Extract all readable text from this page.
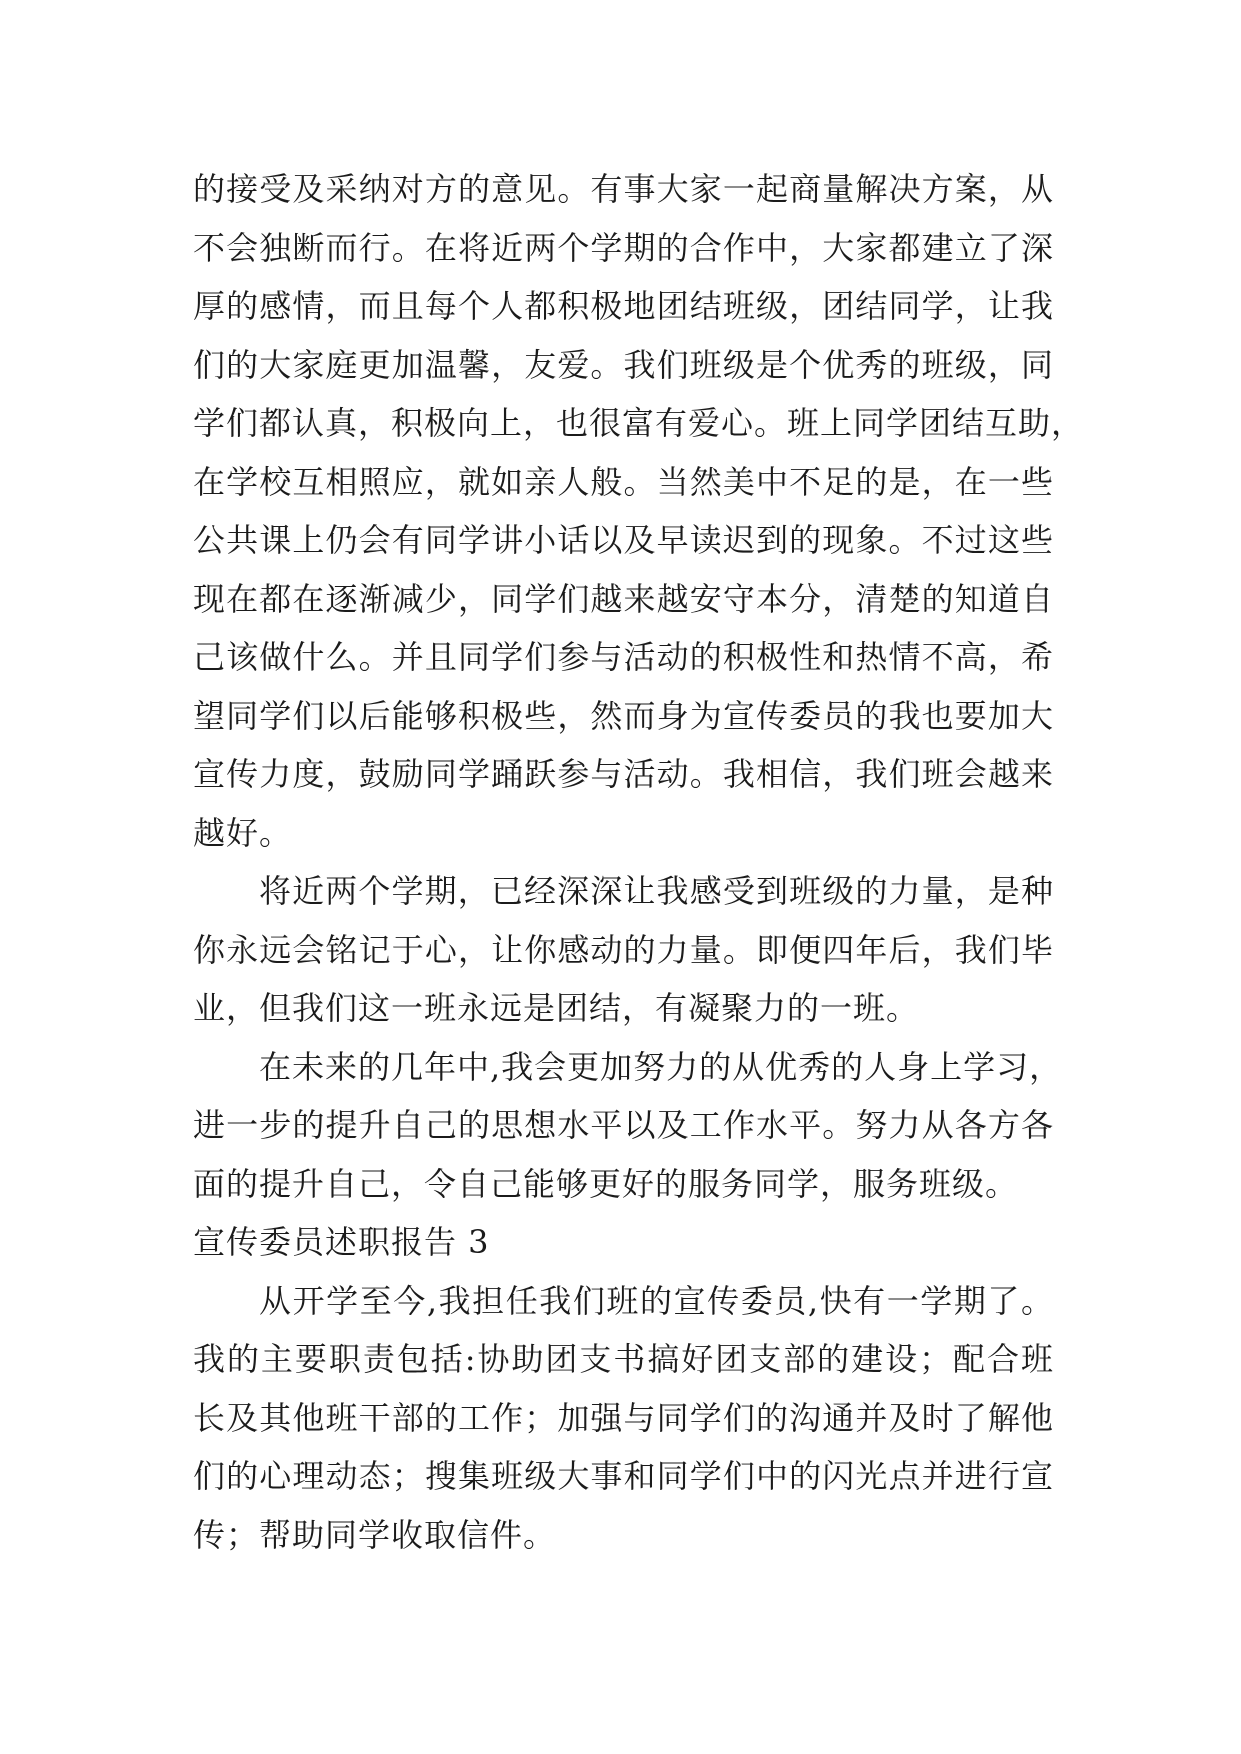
的接受及采纳对方的意见。有事大家一起商量解决方案，从
不会独断而行。在将近两个学期的合作中，大家都建立了深
厚的感情，而且每个人都积极地团结班级，团结同学，让我
们的大家庭更加温馨，友爱。我们班级是个优秀的班级，同
学们都认真，积极向上，也很富有爱心。班上同学团结互助，
在学校互相照应，就如亲人般。当然美中不足的是，在一些
公共课上仍会有同学讲小话以及早读迟到的现象。不过这些
现在都在逐渐减少，同学们越来越安守本分，清楚的知道自
己该做什么。并且同学们参与活动的积极性和热情不高，希
望同学们以后能够积极些，然而身为宣传委员的我也要加大
宣传力度，鼓励同学踊跃参与活动。我相信，我们班会越来
越好。
将近两个学期，已经深深让我感受到班级的力量，是种
你永远会铭记于心，让你感动的力量。即便四年后，我们毕
业，但我们这一班永远是团结，有凝聚力的一班。
在未来的几年中,我会更加努力的从优秀的人身上学习，
进一步的提升自己的思想水平以及工作水平。努力从各方各
面的提升自己，令自己能够更好的服务同学，服务班级。
宣传委员述职报告 3
从开学至今,我担任我们班的宣传委员,快有一学期了。
我的主要职责包括:协助团支书搞好团支部的建设；配合班
长及其他班干部的工作；加强与同学们的沟通并及时了解他
们的心理动态；搜集班级大事和同学们中的闪光点并进行宣
传；帮助同学收取信件。
